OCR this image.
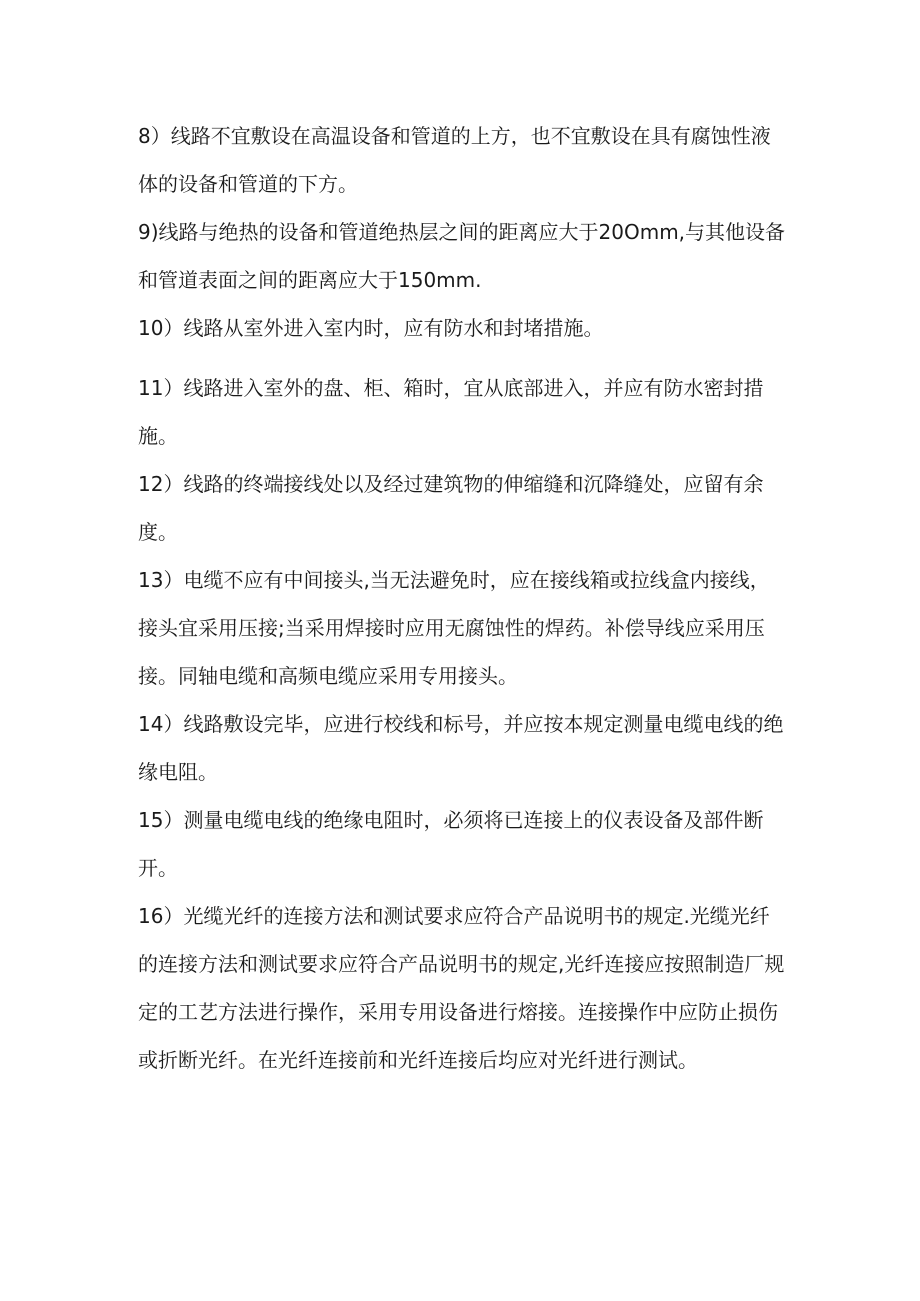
8）线路不宜敷设在高温设备和管道的上方，也不宜敷设在具有腐蚀性液体的设备和管道的下方。

9)线路与绝热的设备和管道绝热层之间的距离应大于20Omm,与其他设备和管道表面之间的距离应大于150mm.

10）线路从室外进入室内时，应有防水和封堵措施。

11）线路进入室外的盘、柜、箱时，宜从底部进入，并应有防水密封措施。

12）线路的终端接线处以及经过建筑物的伸缩缝和沉降缝处，应留有余度。

13）电缆不应有中间接头,当无法避免时，应在接线箱或拉线盒内接线，接头宜采用压接;当采用焊接时应用无腐蚀性的焊药。补偿导线应采用压接。同轴电缆和高频电缆应采用专用接头。

14）线路敷设完毕，应进行校线和标号，并应按本规定测量电缆电线的绝缘电阻。

15）测量电缆电线的绝缘电阻时，必须将已连接上的仪表设备及部件断开。

16）光缆光纤的连接方法和测试要求应符合产品说明书的规定.光缆光纤的连接方法和测试要求应符合产品说明书的规定,光纤连接应按照制造厂规定的工艺方法进行操作，采用专用设备进行熔接。连接操作中应防止损伤或折断光纤。在光纤连接前和光纤连接后均应对光纤进行测试。
